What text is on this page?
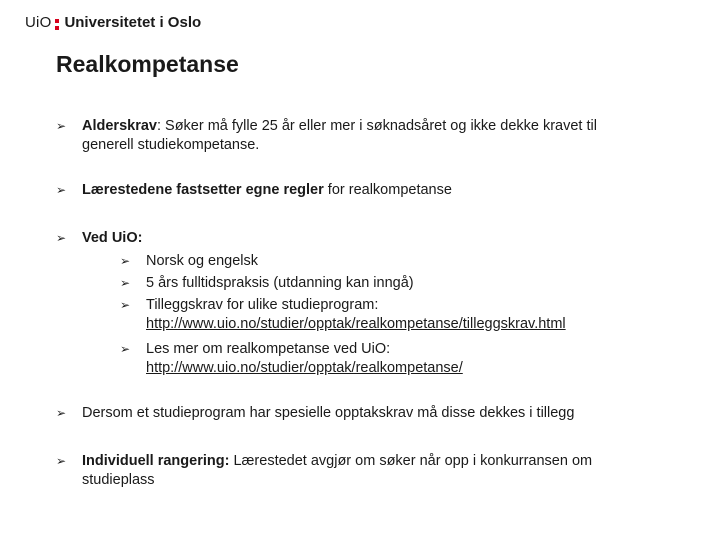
UiO Universitetet i Oslo
Realkompetanse
➢	Alderskrav: Søker må fylle 25 år eller mer i søknadsåret og ikke dekke kravet til
generell studiekompetanse.
➢	Lærestedene fastsetter egne regler for realkompetanse
➢	Ved UiO:
➢	Norsk og engelsk
➢	5 års fulltidspraksis (utdanning kan inngå)
➢	Tilleggskrav for ulike studieprogram:
http://www.uio.no/studier/opptak/realkompetanse/tilleggskrav.html
➢	Les mer om realkompetanse ved UiO:
http://www.uio.no/studier/opptak/realkompetanse/
➢	Dersom et studieprogram har spesielle opptakskrav må disse dekkes i tillegg
➢	Individuell rangering: Lærestedet avgjør om søker når opp i konkurransen om
studieplass
